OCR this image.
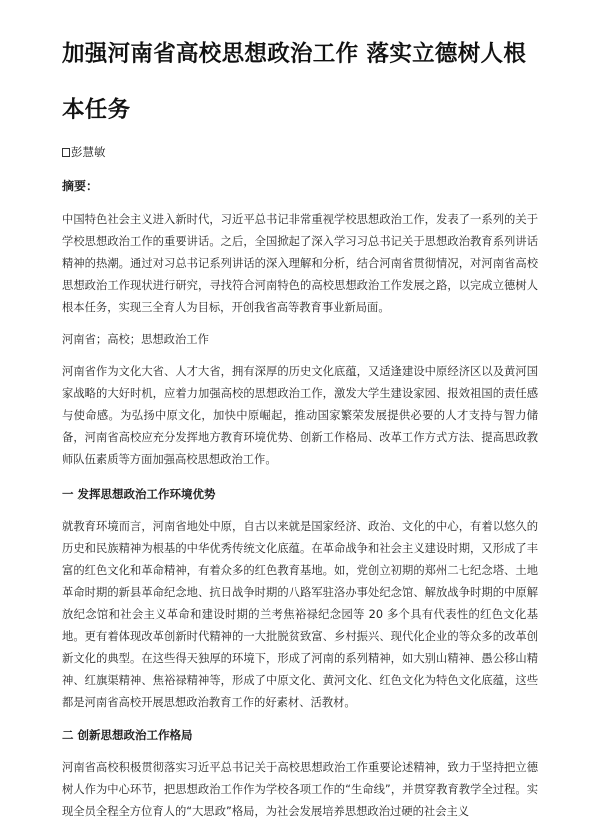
加强河南省高校思想政治工作 落实立德树人根本任务
彭慧敏
摘要：

中国特色社会主义进入新时代，习近平总书记非常重视学校思想政治工作，发表了一系列的关于学校思想政治工作的重要讲话。之后，全国掀起了深入学习习总书记关于思想政治教育系列讲话精神的热潮。通过对习总书记系列讲话的深入理解和分析，结合河南省贯彻情况，对河南省高校思想政治工作现状进行研究，寻找符合河南特色的高校思想政治工作发展之路，以完成立德树人根本任务，实现三全育人为目标，开创我省高等教育事业新局面。

河南省；高校；思想政治工作

河南省作为文化大省、人才大省，拥有深厚的历史文化底蕴，又适逢建设中原经济区以及黄河国家战略的大好时机，应着力加强高校的思想政治工作，激发大学生建设家园、报效祖国的责任感与使命感。为弘扬中原文化，加快中原崛起，推动国家繁荣发展提供必要的人才支持与智力储备，河南省高校应充分发挥地方教育环境优势、创新工作格局、改革工作方式方法、提高思政教师队伍素质等方面加强高校思想政治工作。

一 发挥思想政治工作环境优势

就教育环境而言，河南省地处中原，自古以来就是国家经济、政治、文化的中心，有着以悠久的历史和民族精神为根基的中华优秀传统文化底蕴。在革命战争和社会主义建设时期，又形成了丰富的红色文化和革命精神，有着众多的红色教育基地。如，党创立初期的郑州二七纪念塔、土地革命时期的新县革命纪念地、抗日战争时期的八路军驻洛办事处纪念馆、解放战争时期的中原解放纪念馆和社会主义革命和建设时期的兰考焦裕禄纪念园等 20 多个具有代表性的红色文化基地。更有着体现改革创新时代精神的一大批脱贫致富、乡村振兴、现代化企业的等众多的改革创新文化的典型。在这些得天独厚的环境下，形成了河南的系列精神，如大别山精神、愚公移山精神、红旗渠精神、焦裕禄精神等，形成了中原文化、黄河文化、红色文化为特色文化底蕴，这些都是河南省高校开展思想政治教育工作的好素材、活教材。

二 创新思想政治工作格局

河南省高校积极贯彻落实习近平总书记关于高校思想政治工作重要论述精神，致力于坚持把立德树人作为中心环节，把思想政治工作作为学校各项工作的“生命线”，并贯穿教育教学全过程。实现全员全程全方位育人的“大思政”格局，为社会发展培养思想政治过硬的社会主义
